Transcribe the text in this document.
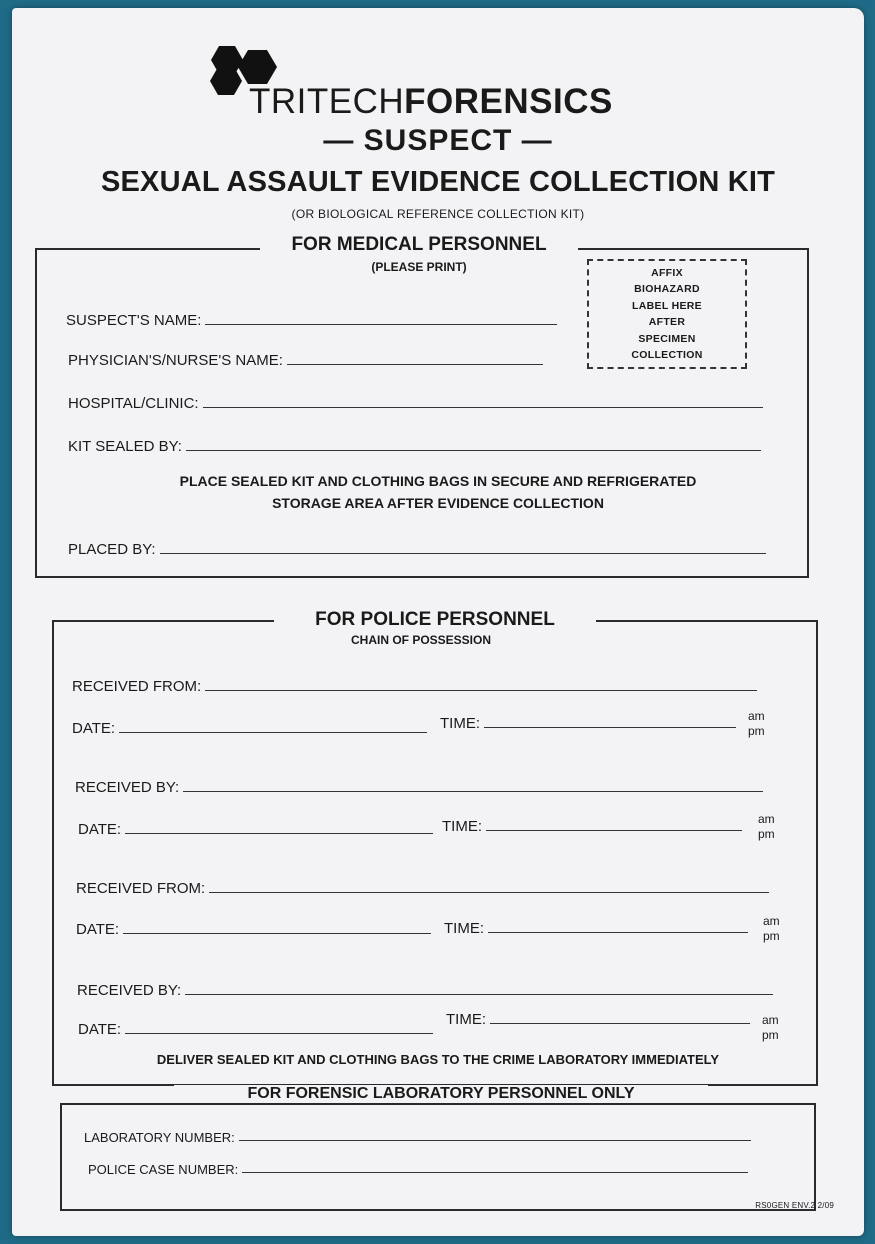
TRITECHFORENSICS
— SUSPECT —
SEXUAL ASSAULT EVIDENCE COLLECTION KIT
(OR BIOLOGICAL REFERENCE COLLECTION KIT)
FOR MEDICAL PERSONNEL
(PLEASE PRINT)	AFFIX
BIOHAZARD
LABEL HERE
AFTER
SPECIMEN
COLLECTION
SUSPECT'S NAME:
PHYSICIAN'S/NURSE'S NAME:
HOSPITAL/CLINIC:
KIT SEALED BY:
PLACE SEALED KIT AND CLOTHING BAGS IN SECURE AND REFRIGERATED
STORAGE AREA AFTER EVIDENCE COLLECTION
PLACED BY:
FOR POLICE PERSONNEL
CHAIN OF POSSESSION
RECEIVED FROM:
DATE:	TIME:	am
pm
RECEIVED BY:
DATE:	TIME:	am
pm
RECEIVED FROM:
DATE:	TIME:	am
pm
RECEIVED BY:
DATE:
TIME:	am
pm
DELIVER SEALED KIT AND CLOTHING BAGS TO THE CRIME LABORATORY IMMEDIATELY
FOR FORENSIC LABORATORY PERSONNEL ONLY
LABORATORY NUMBER:
POLICE CASE NUMBER:
RS0GEN ENV.2 2/09
